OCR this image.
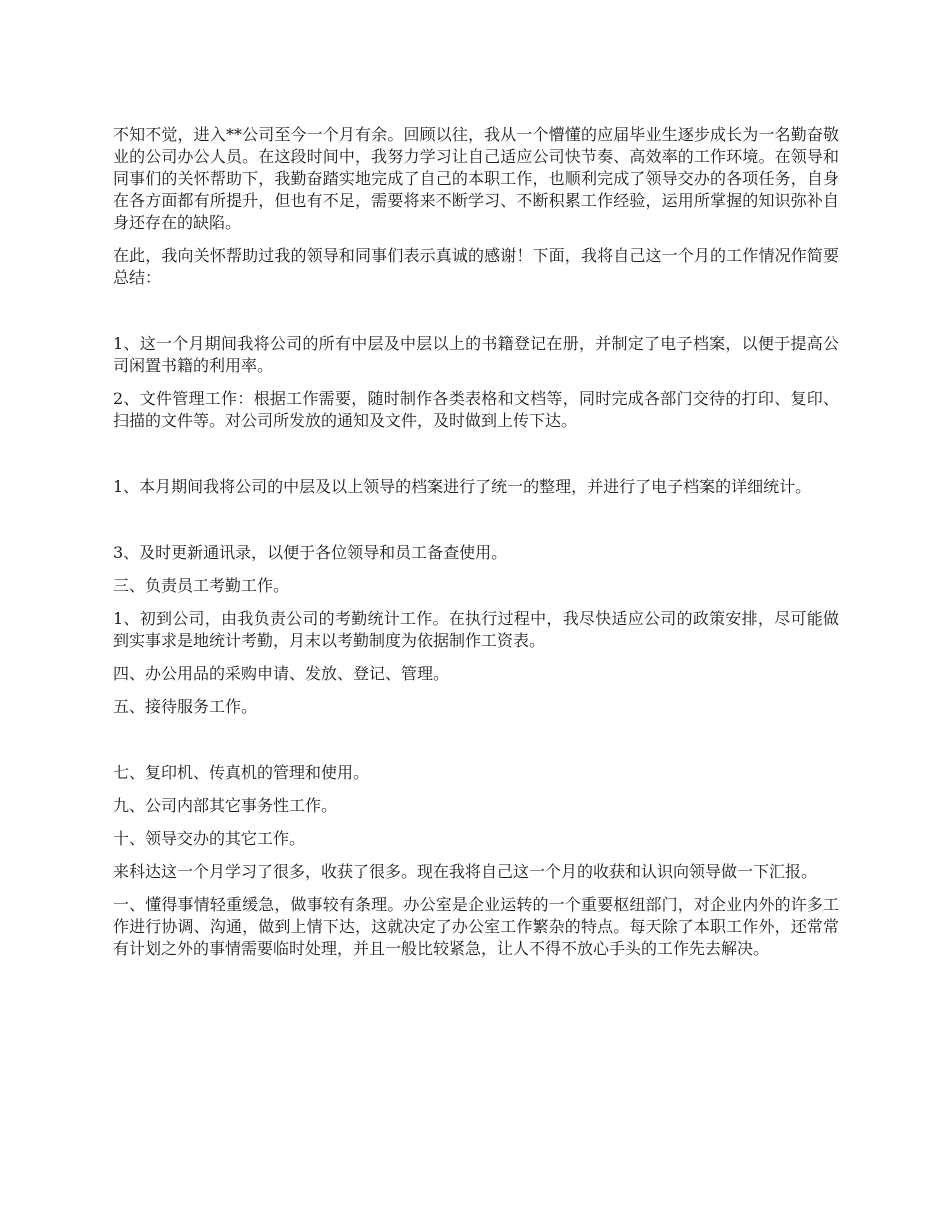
不知不觉，进入**公司至今一个月有余。回顾以往，我从一个懵懂的应届毕业生逐步成长为一名勤奋敬业的公司办公人员。在这段时间中，我努力学习让自己适应公司快节奏、高效率的工作环境。在领导和同事们的关怀帮助下，我勤奋踏实地完成了自己的本职工作，也顺利完成了领导交办的各项任务，自身在各方面都有所提升，但也有不足，需要将来不断学习、不断积累工作经验，运用所掌握的知识弥补自身还存在的缺陷。

在此，我向关怀帮助过我的领导和同事们表示真诚的感谢！下面，我将自己这一个月的工作情况作简要总结：

1、这一个月期间我将公司的所有中层及中层以上的书籍登记在册，并制定了电子档案，以便于提高公司闲置书籍的利用率。

2、文件管理工作：根据工作需要，随时制作各类表格和文档等，同时完成各部门交待的打印、复印、扫描的文件等。对公司所发放的通知及文件，及时做到上传下达。

1、本月期间我将公司的中层及以上领导的档案进行了统一的整理，并进行了电子档案的详细统计。

3、及时更新通讯录，以便于各位领导和员工备查使用。

三、负责员工考勤工作。

1、初到公司，由我负责公司的考勤统计工作。在执行过程中，我尽快适应公司的政策安排，尽可能做到实事求是地统计考勤，月末以考勤制度为依据制作工资表。

四、办公用品的采购申请、发放、登记、管理。

五、接待服务工作。

七、复印机、传真机的管理和使用。

九、公司内部其它事务性工作。

十、领导交办的其它工作。

来科达这一个月学习了很多，收获了很多。现在我将自己这一个月的收获和认识向领导做一下汇报。

一、懂得事情轻重缓急，做事较有条理。办公室是企业运转的一个重要枢纽部门，对企业内外的许多工作进行协调、沟通，做到上情下达，这就决定了办公室工作繁杂的特点。每天除了本职工作外，还常常有计划之外的事情需要临时处理，并且一般比较紧急，让人不得不放心手头的工作先去解决。
